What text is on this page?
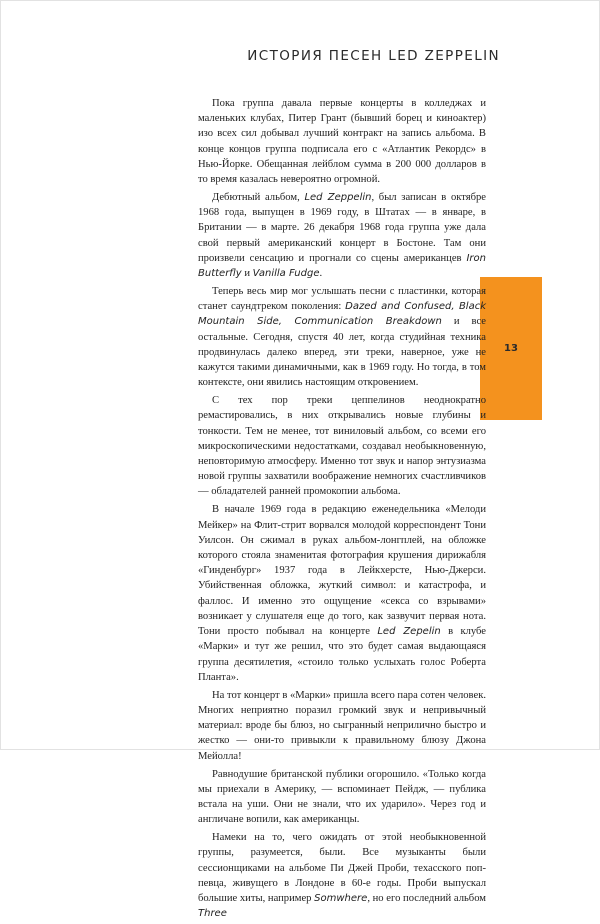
ИСТОРИЯ ПЕСЕН LED ZEPPELIN
13

Пока группа давала первые концерты в колледжах и маленьких клубах, Питер Грант (бывший борец и киноактер) изо всех сил добывал лучший контракт на запись альбома. В конце концов группа подписала его с «Атлантик Рекордс» в Нью-Йорке. Обещанная лейблом сумма в 200 000 долларов в то время казалась невероятно огромной.

Дебютный альбом, Led Zeppelin, был записан в октябре 1968 года, выпущен в 1969 году, в Штатах — в январе, в Британии — в марте. 26 декабря 1968 года группа уже дала свой первый американский концерт в Бостоне. Там они произвели сенсацию и прогнали со сцены американцев Iron Butterfly и Vanilla Fudge.

Теперь весь мир мог услышать песни с пластинки, которая станет саундтреком поколения: Dazed and Confused, Black Mountain Side, Communication Breakdown и все остальные. Сегодня, спустя 40 лет, когда студийная техника продвинулась далеко вперед, эти треки, наверное, уже не кажутся такими динамичными, как в 1969 году. Но тогда, в том контексте, они явились настоящим откровением.

С тех пор треки цеппелинов неоднократно ремастировались, в них открывались новые глубины и тонкости. Тем не менее, тот виниловый альбом, со всеми его микроскопическими недостатками, создавал необыкновенную, неповторимую атмосферу. Именно тот звук и напор энтузиазма новой группы захватили воображение немногих счастливчиков — обладателей ранней промокопии альбома.

В начале 1969 года в редакцию еженедельника «Мелоди Мейкер» на Флит-стрит ворвался молодой корреспондент Тони Уилсон. Он сжимал в руках альбом-лонгплей, на обложке которого стояла знаменитая фотография крушения дирижабля «Гинденбург» 1937 года в Лейкхерсте, Нью-Джерси. Убийственная обложка, жуткий символ: и катастрофа, и фаллос. И именно это ощущение «секса со взрывами» возникает у слушателя еще до того, как зазвучит первая нота. Тони просто побывал на концерте Led Zepelin в клубе «Марки» и тут же решил, что это будет самая выдающаяся группа десятилетия, «стоило только услыхать голос Роберта Планта».

На тот концерт в «Марки» пришла всего пара сотен человек. Многих неприятно поразил громкий звук и непривычный материал: вроде бы блюз, но сыгранный неприлично быстро и жестко — они-то привыкли к правильному блюзу Джона Мейолла!

Равнодушие британской публики огорошило. «Только когда мы приехали в Америку, — вспоминает Пейдж, — публика встала на уши. Они не знали, что их ударило». Через год и англичане вопили, как американцы.

Намеки на то, чего ожидать от этой необыкновенной группы, разумеется, были. Все музыканты были сессионщиками на альбоме Пи Джей Проби, техасского поп-певца, живущего в Лондоне в 60-е годы. Проби выпускал большие хиты, например Somwhere, но его последний альбом Three
